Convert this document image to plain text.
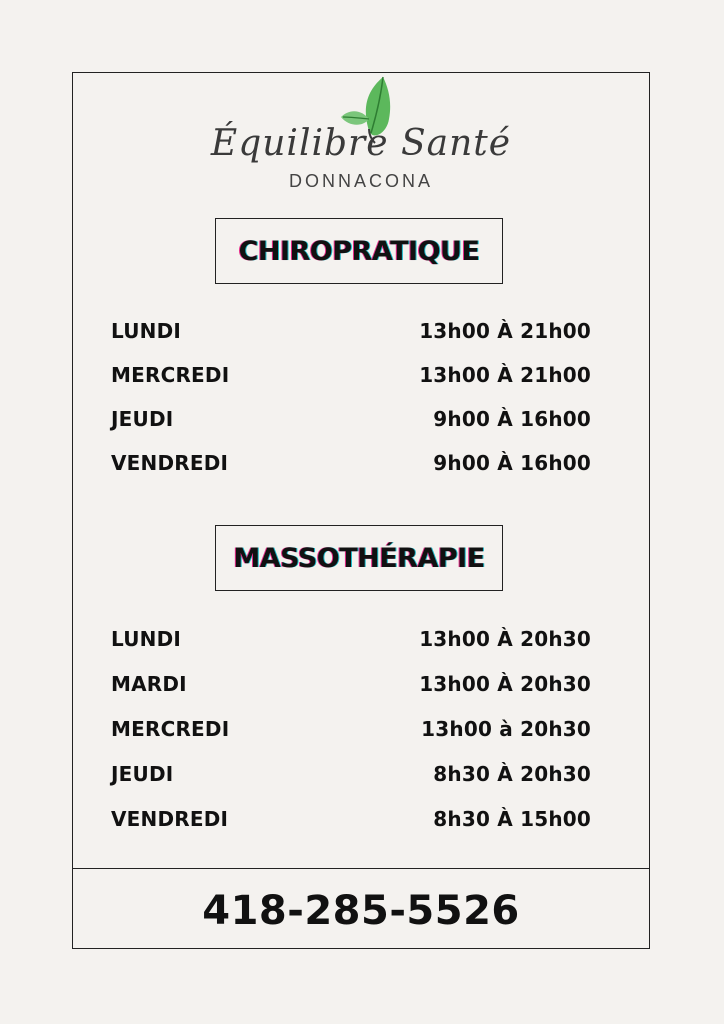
Équilibre Santé
DONNACONA
CHIROPRATIQUE
LUNDI	13h00 À 21h00
MERCREDI	13h00 À 21h00
JEUDI	9h00 À 16h00
VENDREDI	9h00 À 16h00
MASSOTHÉRAPIE
LUNDI	13h00 À 20h30
MARDI	13h00 À 20h30
MERCREDI	13h00 à 20h30
JEUDI	8h30 À 20h30
VENDREDI	8h30 À 15h00
418-285-5526
